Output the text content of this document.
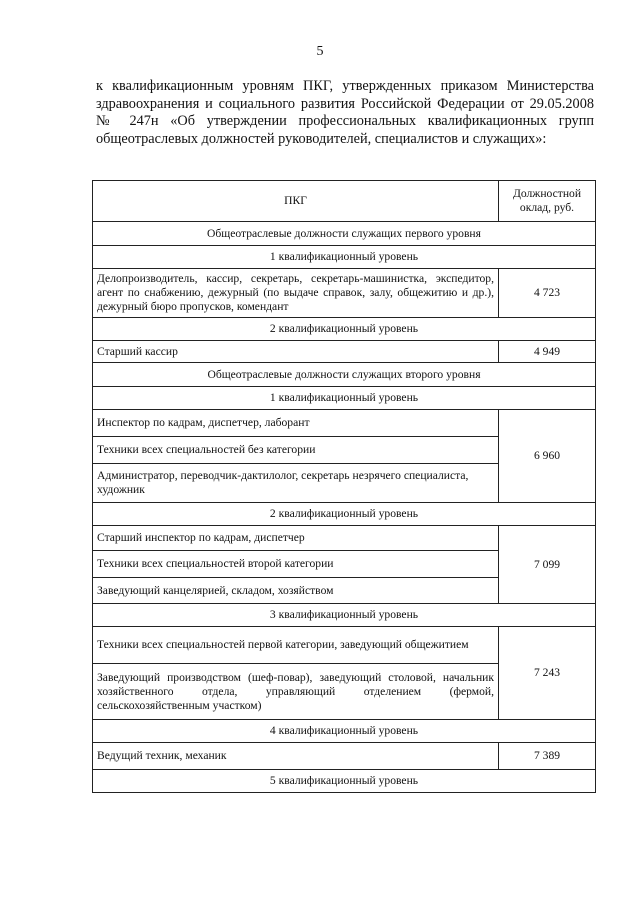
5

к квалификационным уровням ПКГ, утвержденных приказом Министерства здравоохранения и социального развития Российской Федерации от 29.05.2008 № 247н «Об утверждении профессиональных квалификационных групп общеотраслевых должностей руководителей, специалистов и служащих»:

ПКГ	Должностной оклад, руб.
Общеотраслевые должности служащих первого уровня	
1 квалификационный уровень	
Делопроизводитель, кассир, секретарь, секретарь-машинистка, экспедитор, агент по снабжению, дежурный (по выдаче справок, залу, общежитию и др.), дежурный бюро пропусков, комендант	4 723
2 квалификационный уровень	
Старший кассир	4 949
Общеотраслевые должности служащих второго уровня	
1 квалификационный уровень	
Инспектор по кадрам, диспетчер, лаборант	6 960
Техники всех специальностей без категории	
Администратор, переводчик-дактилолог, секретарь незрячего специалиста, художник	
2 квалификационный уровень	
Старший инспектор по кадрам, диспетчер	7 099
Техники всех специальностей второй категории	
Заведующий канцелярией, складом, хозяйством	
3 квалификационный уровень	
Техники всех специальностей первой категории, заведующий общежитием	7 243
Заведующий производством (шеф-повар), заведующий столовой, начальник хозяйственного отдела, управляющий отделением (фермой, сельскохозяйственным участком)	
4 квалификационный уровень	
Ведущий техник, механик	7 389
5 квалификационный уровень	
